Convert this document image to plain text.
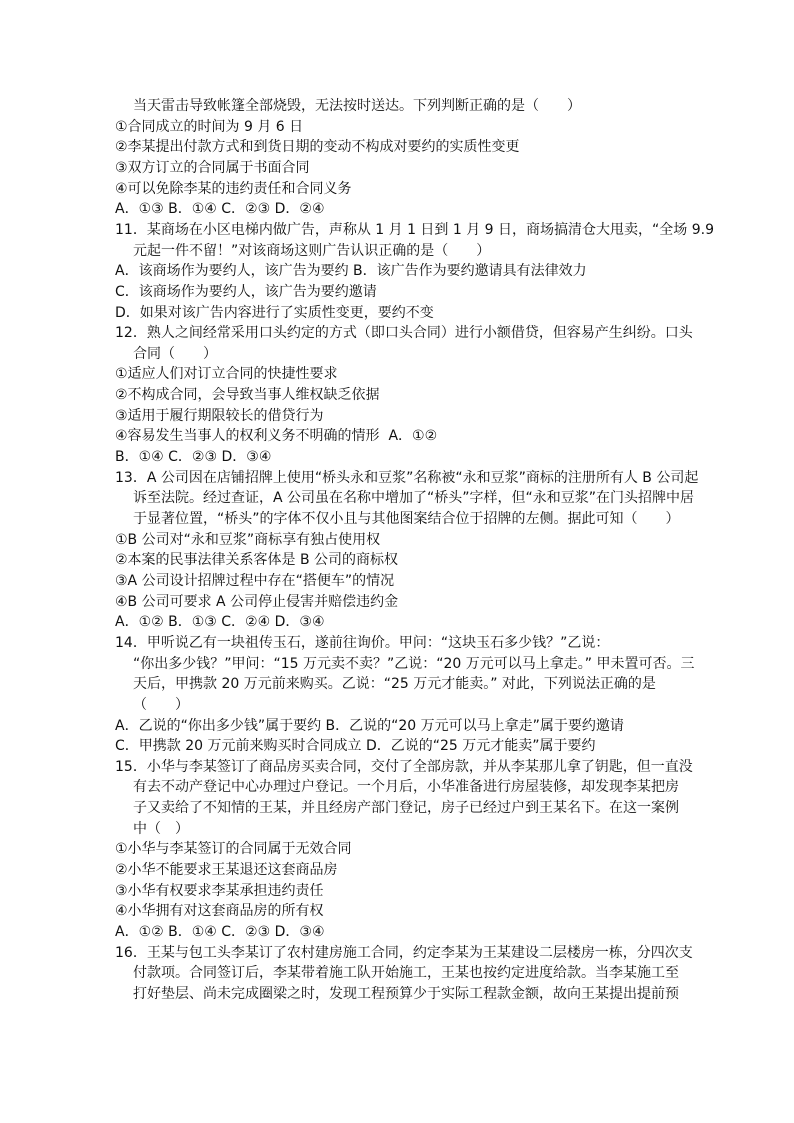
当天雷击导致帐篷全部烧毁，无法按时送达。下列判断正确的是（　　）
①合同成立的时间为 9 月 6 日
②李某提出付款方式和到货日期的变动不构成对要约的实质性变更
③双方订立的合同属于书面合同
④可以免除李某的违约责任和合同义务
A．①③ B．①④ C．②③ D．②④
11．某商场在小区电梯内做广告，声称从 1 月 1 日到 1 月 9 日，商场搞清仓大甩卖，“全场 9.9
元起一件不留！”对该商场这则广告认识正确的是（　　）
A．该商场作为要约人，该广告为要约 B．该广告作为要约邀请具有法律效力
C．该商场作为要约人，该广告为要约邀请
D．如果对该广告内容进行了实质性变更，要约不变
12．熟人之间经常采用口头约定的方式（即口头合同）进行小额借贷，但容易产生纠纷。口头
合同（　　）
①适应人们对订立合同的快捷性要求
②不构成合同，会导致当事人维权缺乏依据
③适用于履行期限较长的借贷行为
④容易发生当事人的权利义务不明确的情形  A．①②
B．①④ C．②③ D．③④
13．A 公司因在店铺招牌上使用“桥头永和豆浆”名称被“永和豆浆”商标的注册所有人 B 公司起
诉至法院。经过查证，A 公司虽在名称中增加了“桥头”字样，但“永和豆浆”在门头招牌中居
于显著位置，“桥头”的字体不仅小且与其他图案结合位于招牌的左侧。据此可知（　　）
①B 公司对“永和豆浆”商标享有独占使用权
②本案的民事法律关系客体是 B 公司的商标权
③A 公司设计招牌过程中存在“搭便车”的情况
④B 公司可要求 A 公司停止侵害并赔偿违约金
A．①② B．①③ C．②④ D．③④
14．甲听说乙有一块祖传玉石，遂前往询价。甲问：“这块玉石多少钱？”乙说：
“你出多少钱？”甲问：“15 万元卖不卖？”乙说：“20 万元可以马上拿走。” 甲未置可否。三
天后，甲携款 20 万元前来购买。乙说：“25 万元才能卖。” 对此，下列说法正确的是
（　　）
A．乙说的“你出多少钱”属于要约 B．乙说的“20 万元可以马上拿走”属于要约邀请
C．甲携款 20 万元前来购买时合同成立 D．乙说的“25 万元才能卖”属于要约
15．小华与李某签订了商品房买卖合同，交付了全部房款，并从李某那儿拿了钥匙，但一直没
有去不动产登记中心办理过户登记。一个月后，小华准备进行房屋装修，却发现李某把房
子又卖给了不知情的王某，并且经房产部门登记，房子已经过户到王某名下。在这一案例
中（　）
①小华与李某签订的合同属于无效合同
②小华不能要求王某退还这套商品房
③小华有权要求李某承担违约责任
④小华拥有对这套商品房的所有权
A．①② B．①④ C．②③ D．③④
16．王某与包工头李某订了农村建房施工合同，约定李某为王某建设二层楼房一栋，分四次支
付款项。合同签订后，李某带着施工队开始施工，王某也按约定进度给款。当李某施工至
打好垫层、尚未完成圈梁之时，发现工程预算少于实际工程款金额，故向王某提出提前预
